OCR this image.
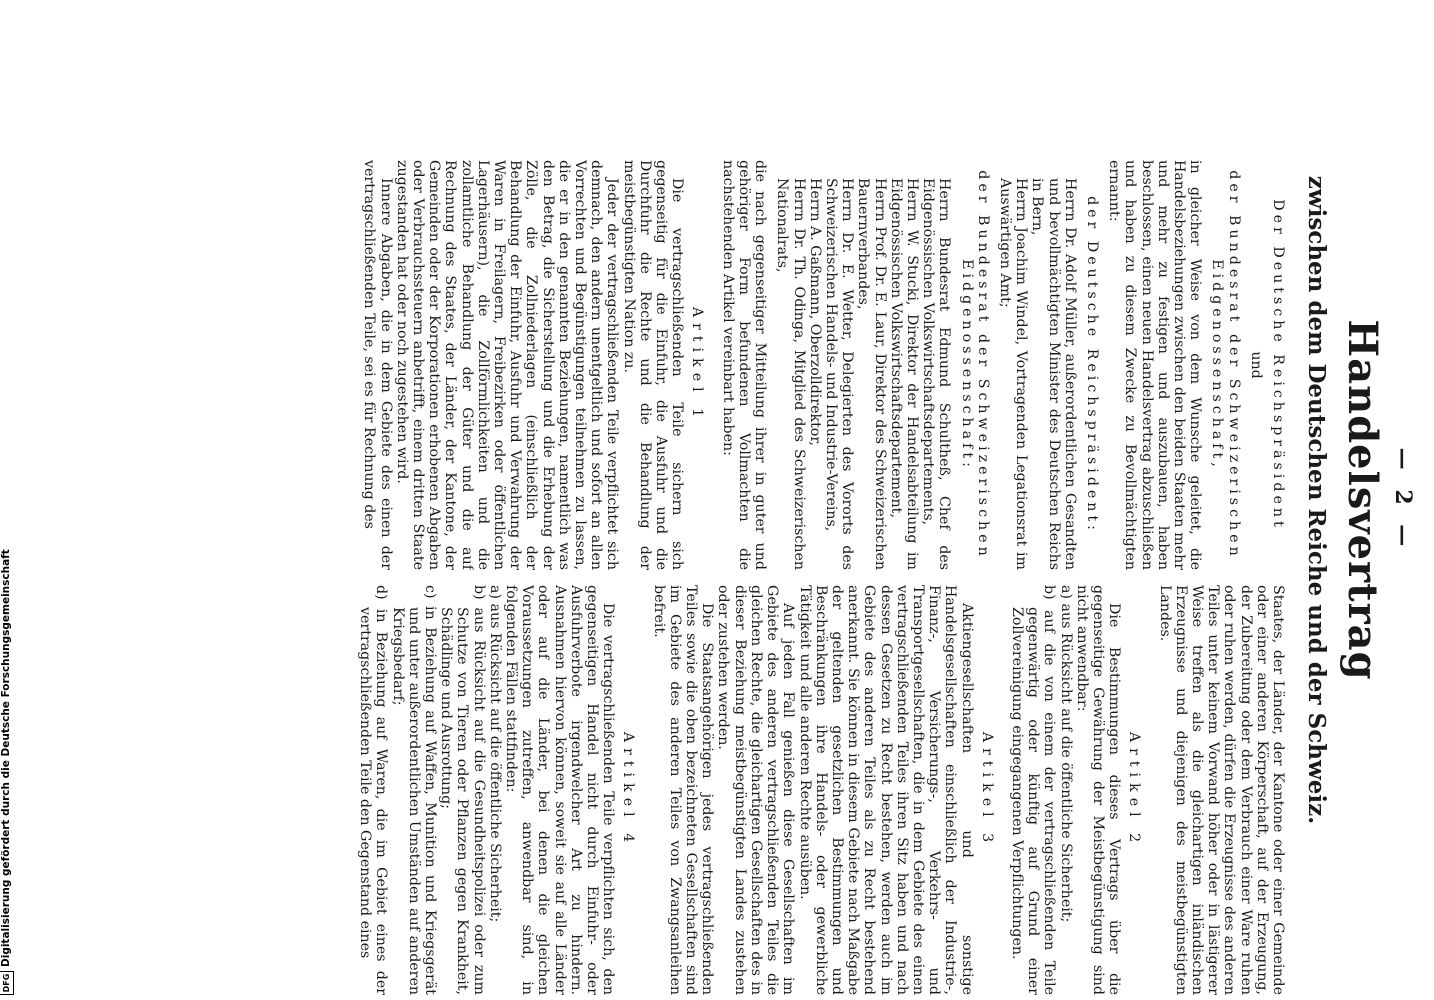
— 2 —
Handelsvertrag
zwischen dem Deutschen Reiche und der Schweiz.

Der Deutsche Reichspräsident

und

der Bundesrat der Schweizerischen Eidgenossenschaft,

in gleicher Weise von dem Wunsche geleitet, die Handelsbeziehungen zwischen den beiden Staaten mehr und mehr zu festigen und auszubauen, haben beschlossen, einen neuen Handelsvertrag abzuschließen und haben zu diesem Zwecke zu Bevollmächtigten ernannt:

der Deutsche Reichspräsident:

Herrn Dr. Adolf Müller, außerordentlichen Gesandten und bevollmächtigten Minister des Deutschen Reichs in Bern,

Herrn Joachim Windel, Vortragenden Legationsrat im Auswärtigen Amt;

der Bundesrat der Schweizerischen Eidgenossenschaft:

Herrn Bundesrat Edmund Schultheß, Chef des Eidgenössischen Volkswirtschaftsdepartements,

Herrn W. Stucki, Direktor der Handelsabteilung im Eidgenössischen Volkswirtschaftsdepartement,

Herrn Prof. Dr. E. Laur, Direktor des Schweizerischen Bauernverbandes,

Herrn Dr. E. Wetter, Delegierten des Vororts des Schweizerischen Handels- und Industrie-Vereins,

Herrn A. Gaßmann, Oberzolldirektor,

Herrn Dr. Th. Odinga, Mitglied des Schweizerischen Nationalrats,

die nach gegenseitiger Mitteilung ihrer in guter und gehöriger Form befundenen Vollmachten die nachstehenden Artikel vereinbart haben:

Artikel 1

Die vertragschließenden Teile sichern sich gegenseitig für die Einfuhr, die Ausfuhr und die Durchfuhr die Rechte und die Behandlung der meistbegünstigten Nation zu.

Jeder der vertragschließenden Teile verpflichtet sich demnach, den andern unentgeltlich und sofort an allen Vorrechten und Begünstigungen teilnehmen zu lassen, die er in den genannten Beziehungen, namentlich was den Betrag, die Sicherstellung und die Erhebung der Zölle, die Zollniederlagen (einschließlich der Behandlung der Einfuhr, Ausfuhr und Verwahrung der Waren in Freilagern, Freibezirken oder öffentlichen Lagerhäusern), die Zollförmlichkeiten und die zollamtliche Behandlung der Güter und die auf Rechnung des Staates, der Länder, der Kantone, der Gemeinden oder der Korporationen erhobenen Abgaben oder Verbrauchssteuern anbetrifft, einem dritten Staate zugestanden hat oder noch zugestehen wird.

Innere Abgaben, die in dem Gebiete des einen der vertragschließenden Teile, sei es für Rechnung des

Staates, der Länder, der Kantone oder einer Gemeinde oder einer anderen Körperschaft, auf der Erzeugung, der Zubereitung oder dem Verbrauch einer Ware ruhen oder ruhen werden, dürfen die Erzeugnisse des anderen Teiles unter keinem Vorwand höher oder in lästigerer Weise treffen als die gleichartigen inländischen Erzeugnisse und diejenigen des meistbegünstigten Landes.

Artikel 2

Die Bestimmungen dieses Vertrags über die gegenseitige Gewährung der Meistbegünstigung sind nicht anwendbar:

a) aus Rücksicht auf die öffentliche Sicherheit;

b) auf die von einem der vertragschließenden Teile gegenwärtig oder künftig auf Grund einer Zollvereinigung eingegangenen Verpflichtungen.

Artikel 3

Aktiengesellschaften und sonstige Handelsgesellschaften einschließlich der Industrie-, Finanz-, Versicherungs-, Verkehrs- und Transportgesellschaften, die in dem Gebiete des einen vertragschließenden Teiles ihren Sitz haben und nach dessen Gesetzen zu Recht bestehen, werden auch im Gebiete des anderen Teiles als zu Recht bestehend anerkannt. Sie können in diesem Gebiete nach Maßgabe der geltenden gesetzlichen Bestimmungen und Beschränkungen ihre Handels- oder gewerbliche Tätigkeit und alle anderen Rechte ausüben.

Auf jeden Fall genießen diese Gesellschaften im Gebiete des anderen vertragschließenden Teiles die gleichen Rechte, die gleichartigen Gesellschaften des in dieser Beziehung meistbegünstigten Landes zustehen oder zustehen werden.

Die Staatsangehörigen jedes vertragschließenden Teiles sowie die oben bezeichneten Gesellschaften sind im Gebiete des anderen Teiles von Zwangsanleihen befreit.

Artikel 4

Die vertragschließenden Teile verpflichten sich, den gegenseitigen Handel nicht durch Einfuhr- oder Ausfuhrverbote irgendwelcher Art zu hindern. Ausnahmen hiervon können, soweit sie auf alle Länder oder auf die Länder, bei denen die gleichen Voraussetzungen zutreffen, anwendbar sind, in folgenden Fällen stattfinden:

a) aus Rücksicht auf die öffentliche Sicherheit;

b) aus Rücksicht auf die Gesundheitspolizei oder zum Schutze von Tieren oder Pflanzen gegen Krankheit, Schädlinge und Ausrottung;

c) in Beziehung auf Waffen, Munition und Kriegsgerät und unter außerordentlichen Umständen auf anderen Kriegsbedarf;

d) in Beziehung auf Waren, die im Gebiet eines der vertragschließenden Teile den Gegenstand eines

DFG
Digitalisierung gefördert durch die Deutsche Forschungsgemeinschaft
